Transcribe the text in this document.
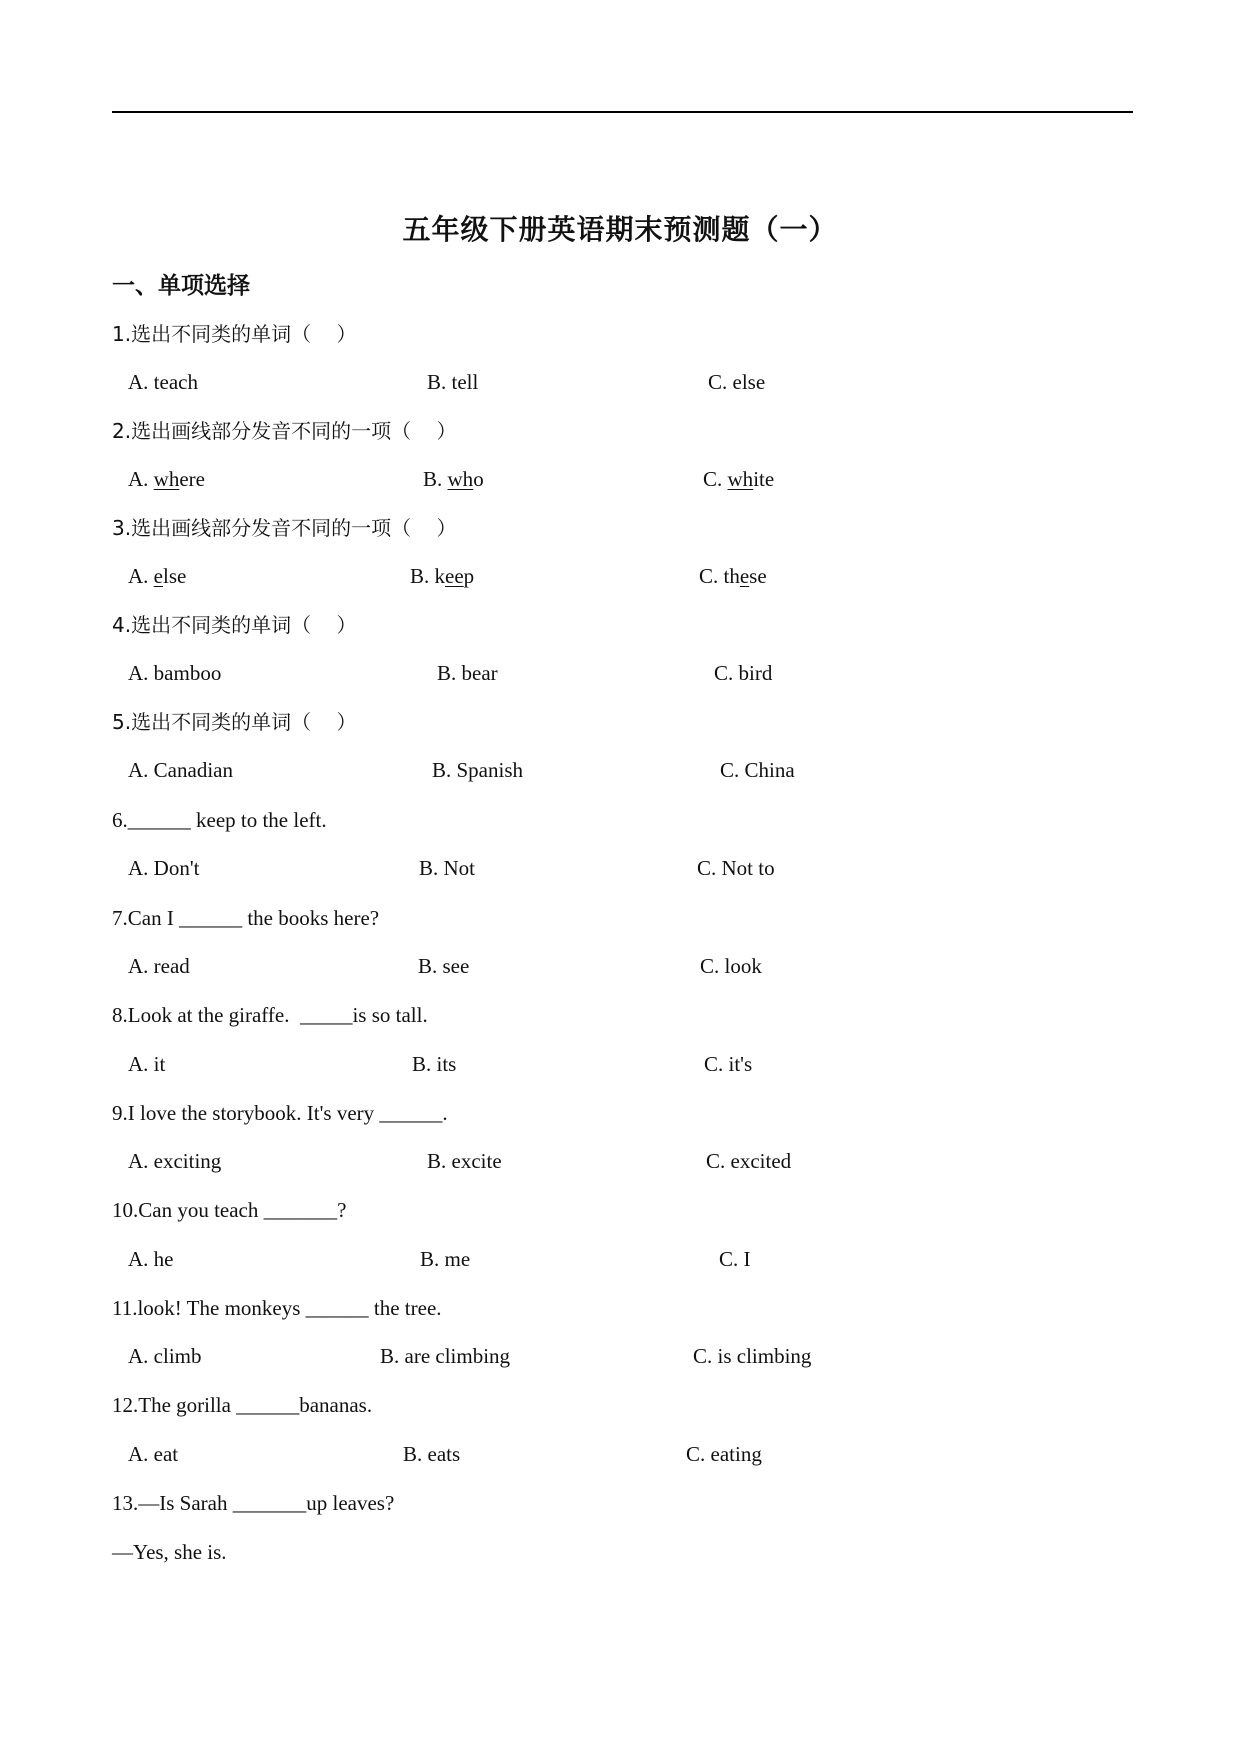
五年级下册英语期末预测题（一）
一、单项选择
1.选出不同类的单词（    ）
A. teach	B. tell	C. else
2.选出画线部分发音不同的一项（    ）
A. where	B. who	C. white
3.选出画线部分发音不同的一项（    ）
A. else	B. keep	C. these
4.选出不同类的单词（    ）
A. bamboo	B. bear	C. bird
5.选出不同类的单词（    ）
A. Canadian	B. Spanish	C. China
6.______ keep to the left.
A. Don't	B. Not	C. Not to
7.Can I ______ the books here?
A. read	B. see	C. look
8.Look at the giraffe.  _____is so tall.
A. it	B. its	C. it's
9.I love the storybook. It's very ______.
A. exciting	B. excite	C. excited
10.Can you teach _______?
A. he	B. me	C. I
11.look! The monkeys ______ the tree.
A. climb	B. are climbing	C. is climbing
12.The gorilla ______bananas.
A. eat	B. eats	C. eating
13.—Is Sarah _______up leaves?
—Yes, she is.
